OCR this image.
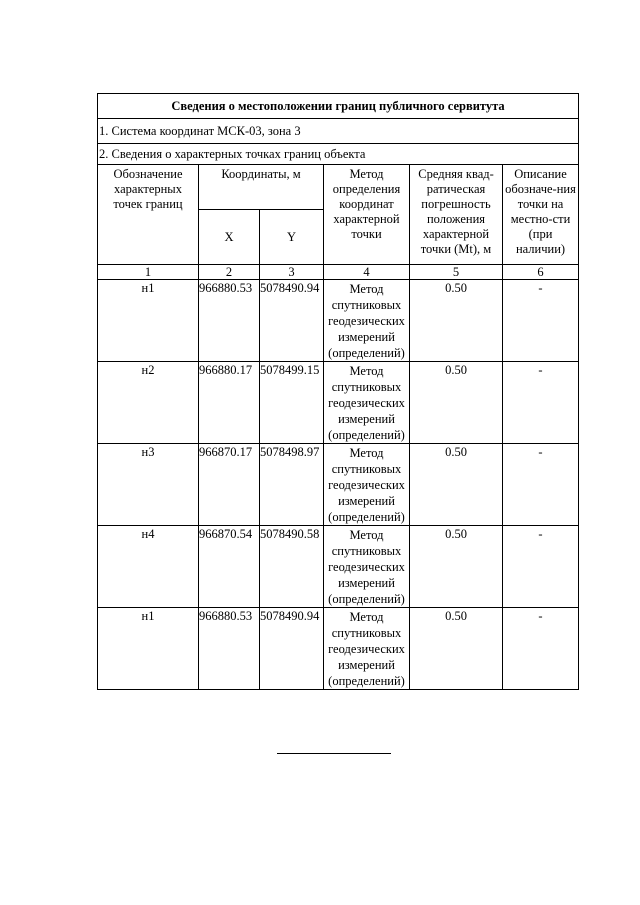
Сведения о местоположении границ публичного сервитута					
1. Система координат МСК-03, зона 3					
2. Сведения о характерных точках границ объекта					
Обозначение характерных точек границ	Координаты, м		Метод определения координат характерной точки	Средняя квад-ратическая погрешность положения характерной точки (Mt), м	Описание обозначе-ния точки на местно-сти (при наличии)
	X	Y			
1	2	3	4	5	6
н1	966880.53	5078490.94	Метод спутниковых геодезических измерений (определений)	0.50	-
н2	966880.17	5078499.15	Метод спутниковых геодезических измерений (определений)	0.50	-
н3	966870.17	5078498.97	Метод спутниковых геодезических измерений (определений)	0.50	-
н4	966870.54	5078490.58	Метод спутниковых геодезических измерений (определений)	0.50	-
н1	966880.53	5078490.94	Метод спутниковых геодезических измерений (определений)	0.50	-
